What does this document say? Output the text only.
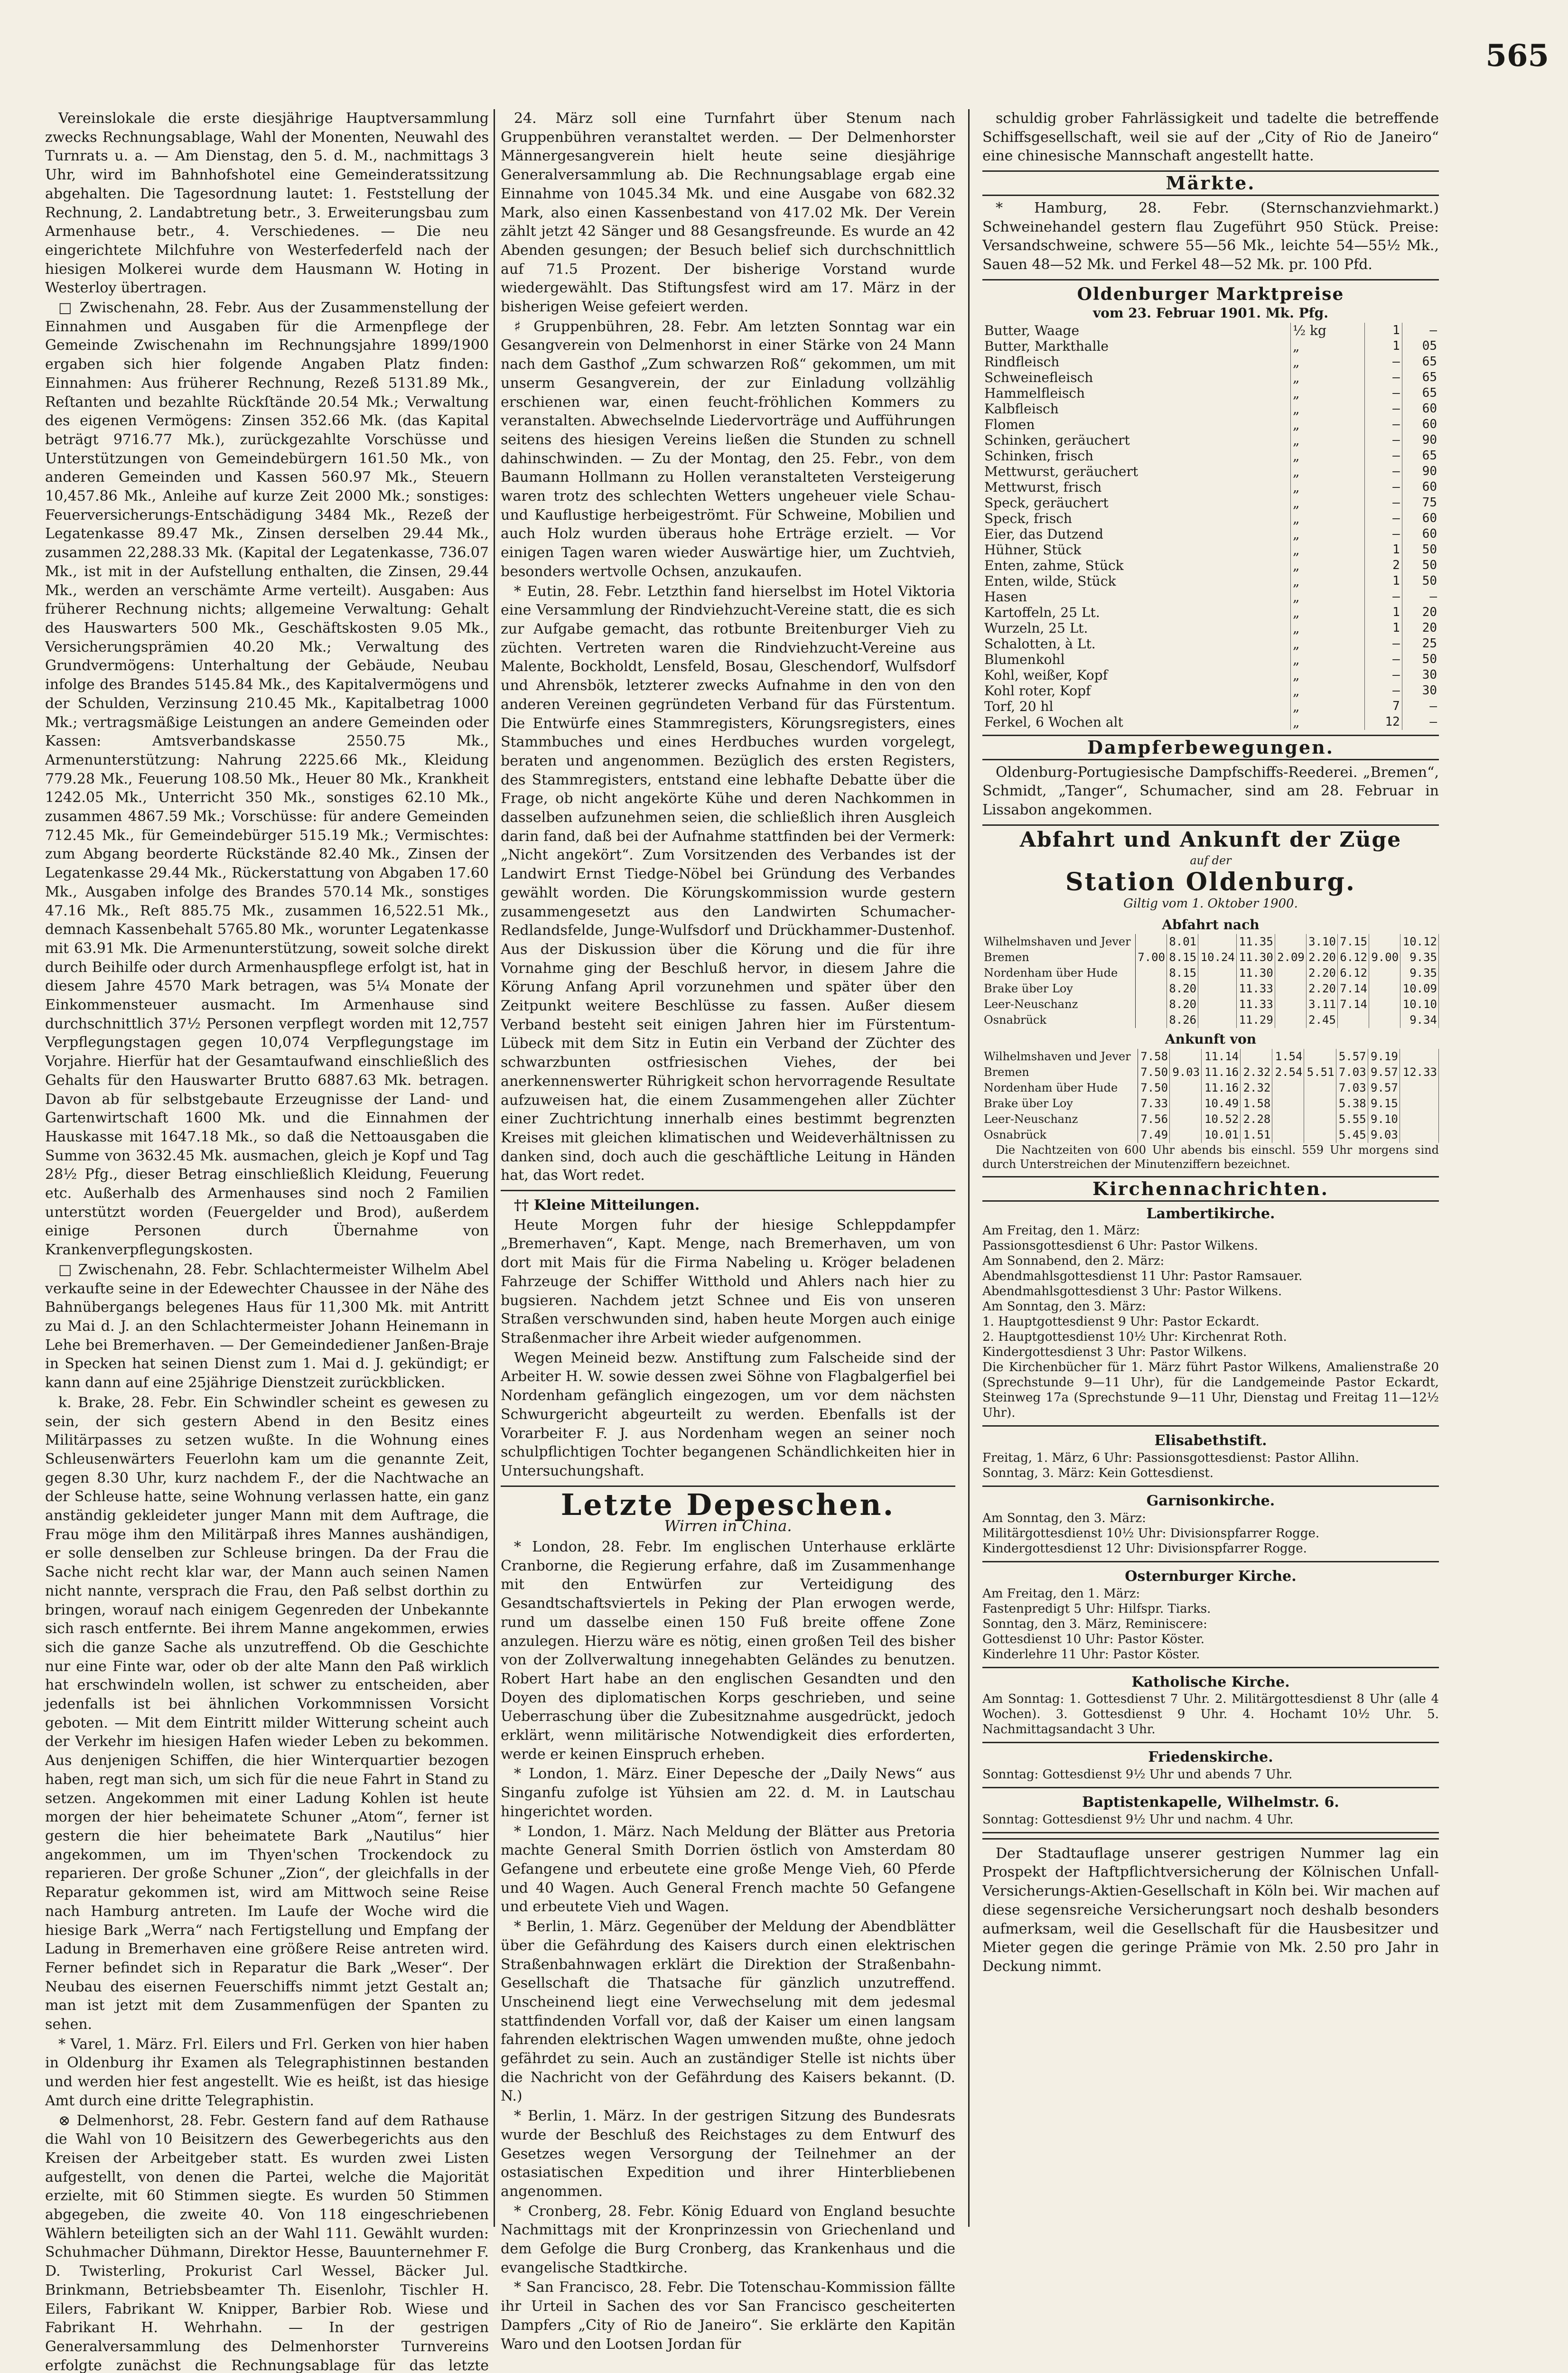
565

Vereinslokale die erste diesjährige Hauptversammlung zwecks Rechnungsablage, Wahl der Monenten, Neuwahl des Turnrats u. a. — Am Dienstag, den 5. d. M., nachmittags 3 Uhr, wird im Bahnhofshotel eine Gemeinderatssitzung abgehalten. Die Tagesordnung lautet: 1. Feststellung der Rechnung, 2. Landabtretung betr., 3. Erweiterungsbau zum Armenhause betr., 4. Verschiedenes. — Die neu eingerichtete Milchfuhre von Westerfederfeld nach der hiesigen Molkerei wurde dem Hausmann W. Hoting in Westerloy übertragen.

□ Zwischenahn, 28. Febr. Aus der Zusammenstellung der Einnahmen und Ausgaben für die Armenpflege der Gemeinde Zwischenahn im Rechnungsjahre 1899/1900 ergaben sich hier folgende Angaben Platz finden: Einnahmen: Aus früherer Rechnung, Rezeß 5131.89 Mk., Reſtanten und bezahlte Rückſtände 20.54 Mk.; Verwaltung des eigenen Vermögens: Zinsen 352.66 Mk. (das Kapital beträgt 9716.77 Mk.), zurückgezahlte Vorschüsse und Unterstützungen von Gemeindebürgern 161.50 Mk., von anderen Gemeinden und Kassen 560.97 Mk., Steuern 10,457.86 Mk., Anleihe auf kurze Zeit 2000 Mk.; sonstiges: Feuerversicherungs-Entschädigung 3484 Mk., Rezeß der Legatenkasse 89.47 Mk., Zinsen derselben 29.44 Mk., zusammen 22,288.33 Mk. (Kapital der Legatenkasse, 736.07 Mk., ist mit in der Aufstellung enthalten, die Zinsen, 29.44 Mk., werden an verschämte Arme verteilt). Ausgaben: Aus früherer Rechnung nichts; allgemeine Verwaltung: Gehalt des Hauswarters 500 Mk., Geschäftskosten 9.05 Mk., Versicherungsprämien 40.20 Mk.; Verwaltung des Grundvermögens: Unterhaltung der Gebäude, Neubau infolge des Brandes 5145.84 Mk., des Kapitalvermögens und der Schulden, Verzinsung 210.45 Mk., Kapitalbetrag 1000 Mk.; vertragsmäßige Leistungen an andere Gemeinden oder Kassen: Amtsverbandskasse 2550.75 Mk., Armenunterstützung: Nahrung 2225.66 Mk., Kleidung 779.28 Mk., Feuerung 108.50 Mk., Heuer 80 Mk., Krankheit 1242.05 Mk., Unterricht 350 Mk., sonstiges 62.10 Mk., zusammen 4867.59 Mk.; Vorschüsse: für andere Gemeinden 712.45 Mk., für Gemeindebürger 515.19 Mk.; Vermischtes: zum Abgang beorderte Rückstände 82.40 Mk., Zinsen der Legatenkasse 29.44 Mk., Rückerstattung von Abgaben 17.60 Mk., Ausgaben infolge des Brandes 570.14 Mk., sonstiges 47.16 Mk., Reſt 885.75 Mk., zusammen 16,522.51 Mk., demnach Kassenbehalt 5765.80 Mk., worunter Legatenkasse mit 63.91 Mk. Die Armenunterstützung, soweit solche direkt durch Beihilfe oder durch Armenhauspflege erfolgt ist, hat in diesem Jahre 4570 Mark betragen, was 5¼ Monate der Einkommensteuer ausmacht. Im Armenhause sind durchschnittlich 37½ Personen verpflegt worden mit 12,757 Verpflegungstagen gegen 10,074 Verpflegungstage im Vorjahre. Hierfür hat der Gesamtaufwand einschließlich des Gehalts für den Hauswarter Brutto 6887.63 Mk. betragen. Davon ab für selbstgebaute Erzeugnisse der Land- und Gartenwirtschaft 1600 Mk. und die Einnahmen der Hauskasse mit 1647.18 Mk., so daß die Nettoausgaben die Summe von 3632.45 Mk. ausmachen, gleich je Kopf und Tag 28½ Pfg., dieser Betrag einschließlich Kleidung, Feuerung etc. Außerhalb des Armenhauses sind noch 2 Familien unterstützt worden (Feuergelder und Brod), außerdem einige Personen durch Übernahme von Krankenverpflegungskosten.

□ Zwischenahn, 28. Febr. Schlachtermeister Wilhelm Abel verkaufte seine in der Edewechter Chaussee in der Nähe des Bahnübergangs belegenes Haus für 11,300 Mk. mit Antritt zu Mai d. J. an den Schlachtermeister Johann Heinemann in Lehe bei Bremerhaven. — Der Gemeindediener Janßen-Braje in Specken hat seinen Dienst zum 1. Mai d. J. gekündigt; er kann dann auf eine 25jährige Dienstzeit zurückblicken.

k. Brake, 28. Febr. Ein Schwindler scheint es gewesen zu sein, der sich gestern Abend in den Besitz eines Militärpasses zu setzen wußte. In die Wohnung eines Schleusenwärters Feuerlohn kam um die genannte Zeit, gegen 8.30 Uhr, kurz nachdem F., der die Nachtwache an der Schleuse hatte, seine Wohnung verlassen hatte, ein ganz anständig gekleideter junger Mann mit dem Auftrage, die Frau möge ihm den Militärpaß ihres Mannes aushändigen, er solle denselben zur Schleuse bringen. Da der Frau die Sache nicht recht klar war, der Mann auch seinen Namen nicht nannte, versprach die Frau, den Paß selbst dorthin zu bringen, worauf nach einigem Gegenreden der Unbekannte sich rasch entfernte. Bei ihrem Manne angekommen, erwies sich die ganze Sache als unzutreffend. Ob die Geschichte nur eine Finte war, oder ob der alte Mann den Paß wirklich hat erschwindeln wollen, ist schwer zu entscheiden, aber jedenfalls ist bei ähnlichen Vorkommnissen Vorsicht geboten. — Mit dem Eintritt milder Witterung scheint auch der Verkehr im hiesigen Hafen wieder Leben zu bekommen. Aus denjenigen Schiffen, die hier Winterquartier bezogen haben, regt man sich, um sich für die neue Fahrt in Stand zu setzen. Angekommen mit einer Ladung Kohlen ist heute morgen der hier beheimatete Schuner „Atom“, ferner ist gestern die hier beheimatete Bark „Nautilus“ hier angekommen, um im Thyen'schen Trockendock zu reparieren. Der große Schuner „Zion“, der gleichfalls in der Reparatur gekommen ist, wird am Mittwoch seine Reise nach Hamburg antreten. Im Laufe der Woche wird die hiesige Bark „Werra“ nach Fertigstellung und Empfang der Ladung in Bremerhaven eine größere Reise antreten wird. Ferner befindet sich in Reparatur die Bark „Weser“. Der Neubau des eisernen Feuerschiffs nimmt jetzt Gestalt an; man ist jetzt mit dem Zusammenfügen der Spanten zu sehen.

* Varel, 1. März. Frl. Eilers und Frl. Gerken von hier haben in Oldenburg ihr Examen als Telegraphistinnen bestanden und werden hier fest angestellt. Wie es heißt, ist das hiesige Amt durch eine dritte Telegraphistin.

⊗ Delmenhorst, 28. Febr. Gestern fand auf dem Rathause die Wahl von 10 Beisitzern des Gewerbegerichts aus den Kreisen der Arbeitgeber statt. Es wurden zwei Listen aufgestellt, von denen die Partei, welche die Majorität erzielte, mit 60 Stimmen siegte. Es wurden 50 Stimmen abgegeben, die zweite 40. Von 118 eingeschriebenen Wählern beteiligten sich an der Wahl 111. Gewählt wurden: Schuhmacher Dühmann, Direktor Hesse, Bauunternehmer F. D. Twisterling, Prokurist Carl Wessel, Bäcker Jul. Brinkmann, Betriebsbeamter Th. Eisenlohr, Tischler H. Eilers, Fabrikant W. Knipper, Barbier Rob. Wiese und Fabrikant H. Wehrhahn. — In der gestrigen Generalversammlung des Delmenhorster Turnvereins erfolgte zunächst die Rechnungsablage für das letzte

24. März soll eine Turnfahrt über Stenum nach Gruppenbühren veranstaltet werden. — Der Delmenhorster Männergesangverein hielt heute seine diesjährige Generalversammlung ab. Die Rechnungsablage ergab eine Einnahme von 1045.34 Mk. und eine Ausgabe von 682.32 Mark, also einen Kassenbestand von 417.02 Mk. Der Verein zählt jetzt 42 Sänger und 88 Gesangsfreunde. Es wurde an 42 Abenden gesungen; der Besuch belief sich durchschnittlich auf 71.5 Prozent. Der bisherige Vorstand wurde wiedergewählt. Das Stiftungsfest wird am 17. März in der bisherigen Weise gefeiert werden.

♯ Gruppenbühren, 28. Febr. Am letzten Sonntag war ein Gesangverein von Delmenhorst in einer Stärke von 24 Mann nach dem Gasthof „Zum schwarzen Roß“ gekommen, um mit unserm Gesangverein, der zur Einladung vollzählig erschienen war, einen feucht-fröhlichen Kommers zu veranstalten. Abwechselnde Liedervorträge und Aufführungen seitens des hiesigen Vereins ließen die Stunden zu schnell dahinschwinden. — Zu der Montag, den 25. Febr., von dem Baumann Hollmann zu Hollen veranstalteten Versteigerung waren trotz des schlechten Wetters ungeheuer viele Schau- und Kauflustige herbeigeströmt. Für Schweine, Mobilien und auch Holz wurden überaus hohe Erträge erzielt. — Vor einigen Tagen waren wieder Auswärtige hier, um Zuchtvieh, besonders wertvolle Ochsen, anzukaufen.

* Eutin, 28. Febr. Letzthin fand hierselbst im Hotel Viktoria eine Versammlung der Rindviehzucht-Vereine statt, die es sich zur Aufgabe gemacht, das rotbunte Breitenburger Vieh zu züchten. Vertreten waren die Rindviehzucht-Vereine aus Malente, Bockholdt, Lensfeld, Bosau, Gleschendorf, Wulfsdorf und Ahrensbök, letzterer zwecks Aufnahme in den von den anderen Vereinen gegründeten Verband für das Fürstentum. Die Entwürfe eines Stammregisters, Körungsregisters, eines Stammbuches und eines Herdbuches wurden vorgelegt, beraten und angenommen. Bezüglich des ersten Registers, des Stammregisters, entstand eine lebhafte Debatte über die Frage, ob nicht angekörte Kühe und deren Nachkommen in dasselben aufzunehmen seien, die schließlich ihren Ausgleich darin fand, daß bei der Aufnahme stattfinden bei der Vermerk: „Nicht angekört“. Zum Vorsitzenden des Verbandes ist der Landwirt Ernst Tiedge-Nöbel bei Gründung des Verbandes gewählt worden. Die Körungskommission wurde gestern zusammengesetzt aus den Landwirten Schumacher-Redlandsfelde, Junge-Wulfsdorf und Drückhammer-Dustenhof. Aus der Diskussion über die Körung und die für ihre Vornahme ging der Beschluß hervor, in diesem Jahre die Körung Anfang April vorzunehmen und später über den Zeitpunkt weitere Beschlüsse zu fassen. Außer diesem Verband besteht seit einigen Jahren hier im Fürstentum-Lübeck mit dem Sitz in Eutin ein Verband der Züchter des schwarzbunten ostfriesischen Viehes, der bei anerkennenswerter Rührigkeit schon hervorragende Resultate aufzuweisen hat, die einem Zusammengehen aller Züchter einer Zuchtrichtung innerhalb eines bestimmt begrenzten Kreises mit gleichen klimatischen und Weideverhältnissen zu danken sind, doch auch die geschäftliche Leitung in Händen hat, das Wort redet.

†† Kleine Mitteilungen.

Heute Morgen fuhr der hiesige Schleppdampfer „Bremerhaven“, Kapt. Menge, nach Bremerhaven, um von dort mit Mais für die Firma Nabeling u. Kröger beladenen Fahrzeuge der Schiffer Witthold und Ahlers nach hier zu bugsieren. Nachdem jetzt Schnee und Eis von unseren Straßen verschwunden sind, haben heute Morgen auch einige Straßenmacher ihre Arbeit wieder aufgenommen.

Wegen Meineid bezw. Anstiftung zum Falscheide sind der Arbeiter H. W. sowie dessen zwei Söhne von Flagbalgerfiel bei Nordenham gefänglich eingezogen, um vor dem nächsten Schwurgericht abgeurteilt zu werden. Ebenfalls ist der Vorarbeiter F. J. aus Nordenham wegen an seiner noch schulpflichtigen Tochter begangenen Schändlichkeiten hier in Untersuchungshaft.

Letzte Depeschen.
Wirren in China.

* London, 28. Febr. Im englischen Unterhause erklärte Cranborne, die Regierung erfahre, daß im Zusammenhange mit den Entwürfen zur Verteidigung des Gesandtschaftsviertels in Peking der Plan erwogen werde, rund um dasselbe einen 150 Fuß breite offene Zone anzulegen. Hierzu wäre es nötig, einen großen Teil des bisher von der Zollverwaltung innegehabten Geländes zu benutzen. Robert Hart habe an den englischen Gesandten und den Doyen des diplomatischen Korps geschrieben, und seine Ueberraschung über die Zubesitznahme ausgedrückt, jedoch erklärt, wenn militärische Notwendigkeit dies erforderten, werde er keinen Einspruch erheben.

* London, 1. März. Einer Depesche der „Daily News“ aus Singanfu zufolge ist Yühsien am 22. d. M. in Lautschau hingerichtet worden.

* London, 1. März. Nach Meldung der Blätter aus Pretoria machte General Smith Dorrien östlich von Amsterdam 80 Gefangene und erbeutete eine große Menge Vieh, 60 Pferde und 40 Wagen. Auch General French machte 50 Gefangene und erbeutete Vieh und Wagen.

* Berlin, 1. März. Gegenüber der Meldung der Abendblätter über die Gefährdung des Kaisers durch einen elektrischen Straßenbahnwagen erklärt die Direktion der Straßenbahn-Gesellschaft die Thatsache für gänzlich unzutreffend. Unscheinend liegt eine Verwechselung mit dem jedesmal stattfindenden Vorfall vor, daß der Kaiser um einen langsam fahrenden elektrischen Wagen umwenden mußte, ohne jedoch gefährdet zu sein. Auch an zuständiger Stelle ist nichts über die Nachricht von der Gefährdung des Kaisers bekannt. (D. N.)

* Berlin, 1. März. In der gestrigen Sitzung des Bundesrats wurde der Beschluß des Reichstages zu dem Entwurf des Gesetzes wegen Versorgung der Teilnehmer an der ostasiatischen Expedition und ihrer Hinterbliebenen angenommen.

* Cronberg, 28. Febr. König Eduard von England besuchte Nachmittags mit der Kronprinzessin von Griechenland und dem Gefolge die Burg Cronberg, das Krankenhaus und die evangelische Stadtkirche.

* San Francisco, 28. Febr. Die Totenschau-Kommission fällte ihr Urteil in Sachen des vor San Francisco gescheiterten Dampfers „City of Rio de Janeiro“. Sie erklärte den Kapitän Waro und den Lootsen Jordan für

schuldig grober Fahrlässigkeit und tadelte die betreffende Schiffsgesellschaft, weil sie auf der „City of Rio de Janeiro“ eine chinesische Mannschaft angestellt hatte.

Märkte.

* Hamburg, 28. Febr. (Sternschanzviehmarkt.) Schweinehandel gestern flau Zugeführt 950 Stück. Preise: Versandschweine, schwere 55—56 Mk., leichte 54—55½ Mk., Sauen 48—52 Mk. und Ferkel 48—52 Mk. pr. 100 Pfd.

Oldenburger Marktpreise
vom 23. Februar 1901. Mk. Pfg.
Butter, Waage	½ kg	1	—
Butter, Markthalle	„	1	05
Rindfleisch	„	—	65
Schweinefleisch	„	—	65
Hammelfleisch	„	—	65
Kalbfleisch	„	—	60
Flomen	„	—	60
Schinken, geräuchert	„	—	90
Schinken, frisch	„	—	65
Mettwurst, geräuchert	„	—	90
Mettwurst, frisch	„	—	60
Speck, geräuchert	„	—	75
Speck, frisch	„	—	60
Eier, das Dutzend	„	—	60
Hühner, Stück	„	1	50
Enten, zahme, Stück	„	2	50
Enten, wilde, Stück	„	1	50
Hasen	„	—	—
Kartoffeln, 25 Lt.	„	1	20
Wurzeln, 25 Lt.	„	1	20
Schalotten, à Lt.	„	—	25
Blumenkohl	„	—	50
Kohl, weißer, Kopf	„	—	30
Kohl roter, Kopf	„	—	30
Torf, 20 hl	„	7	—
Ferkel, 6 Wochen alt	„	12	—
Dampferbewegungen.

Oldenburg-Portugiesische Dampfschiffs-Reederei. „Bremen“, Schmidt, „Tanger“, Schumacher, sind am 28. Februar in Lissabon angekommen.

Abfahrt und Ankunft der Züge
auf der
Station Oldenburg.
Giltig vom 1. Oktober 1900.
Abfahrt nach
Wilhelmshaven und Jever		8.01		11.35		3.10	7.15		10.12
Bremen	7.00	8.15	10.24	11.30	2.09	2.20	6.12	9.00	9.35
Nordenham über Hude		8.15		11.30		2.20	6.12		9.35
Brake über Loy		8.20		11.33		2.20	7.14		10.09
Leer-Neuschanz		8.20		11.33		3.11	7.14		10.10
Osnabrück		8.26		11.29		2.45			9.34
Ankunft von
Wilhelmshaven und Jever	7.58		11.14		1.54		5.57	9.19	
Bremen	7.50	9.03	11.16	2.32	2.54	5.51	7.03	9.57	12.33
Nordenham über Hude	7.50		11.16	2.32			7.03	9.57	
Brake über Loy	7.33		10.49	1.58			5.38	9.15	
Leer-Neuschanz	7.56		10.52	2.28			5.55	9.10	
Osnabrück	7.49		10.01	1.51			5.45	9.03	

Die Nachtzeiten von 600 Uhr abends bis einschl. 559 Uhr morgens sind durch Unterstreichen der Minutenziffern bezeichnet.

Kirchennachrichten.
Lambertikirche.
Am Freitag, den 1. März:
Passionsgottesdienst 6 Uhr: Pastor Wilkens.
Am Sonnabend, den 2. März:
Abendmahlsgottesdienst 11 Uhr: Pastor Ramsauer.
Abendmahlsgottesdienst 3 Uhr: Pastor Wilkens.
Am Sonntag, den 3. März:
1. Hauptgottesdienst 9 Uhr: Pastor Eckardt.
2. Hauptgottesdienst 10½ Uhr: Kirchenrat Roth.
Kindergottesdienst 3 Uhr: Pastor Wilkens.
Die Kirchenbücher für 1. März führt Pastor Wilkens, Amalienstraße 20 (Sprechstunde 9—11 Uhr), für die Landgemeinde Pastor Eckardt, Steinweg 17a (Sprechstunde 9—11 Uhr, Dienstag und Freitag 11—12½ Uhr).
Elisabethstift.
Freitag, 1. März, 6 Uhr: Passionsgottesdienst: Pastor Allihn.
Sonntag, 3. März: Kein Gottesdienst.
Garnisonkirche.
Am Sonntag, den 3. März:
Militärgottesdienst 10½ Uhr: Divisionspfarrer Rogge.
Kindergottesdienst 12 Uhr: Divisionspfarrer Rogge.
Osternburger Kirche.
Am Freitag, den 1. März:
Fastenpredigt 5 Uhr: Hilfspr. Tiarks.
Sonntag, den 3. März, Reminiscere:
Gottesdienst 10 Uhr: Pastor Köster.
Kinderlehre 11 Uhr: Pastor Köster.
Katholische Kirche.
Am Sonntag: 1. Gottesdienst 7 Uhr. 2. Militärgottesdienst 8 Uhr (alle 4 Wochen). 3. Gottesdienst 9 Uhr. 4. Hochamt 10½ Uhr. 5. Nachmittagsandacht 3 Uhr.
Friedenskirche.
Sonntag: Gottesdienst 9½ Uhr und abends 7 Uhr.
Baptistenkapelle, Wilhelmstr. 6.
Sonntag: Gottesdienst 9½ Uhr und nachm. 4 Uhr.

Der Stadtauflage unserer gestrigen Nummer lag ein Prospekt der Haftpflichtversicherung der Kölnischen Unfall-Versicherungs-Aktien-Gesellschaft in Köln bei. Wir machen auf diese segensreiche Versicherungsart noch deshalb besonders aufmerksam, weil die Gesellschaft für die Hausbesitzer und Mieter gegen die geringe Prämie von Mk. 2.50 pro Jahr in Deckung nimmt.
